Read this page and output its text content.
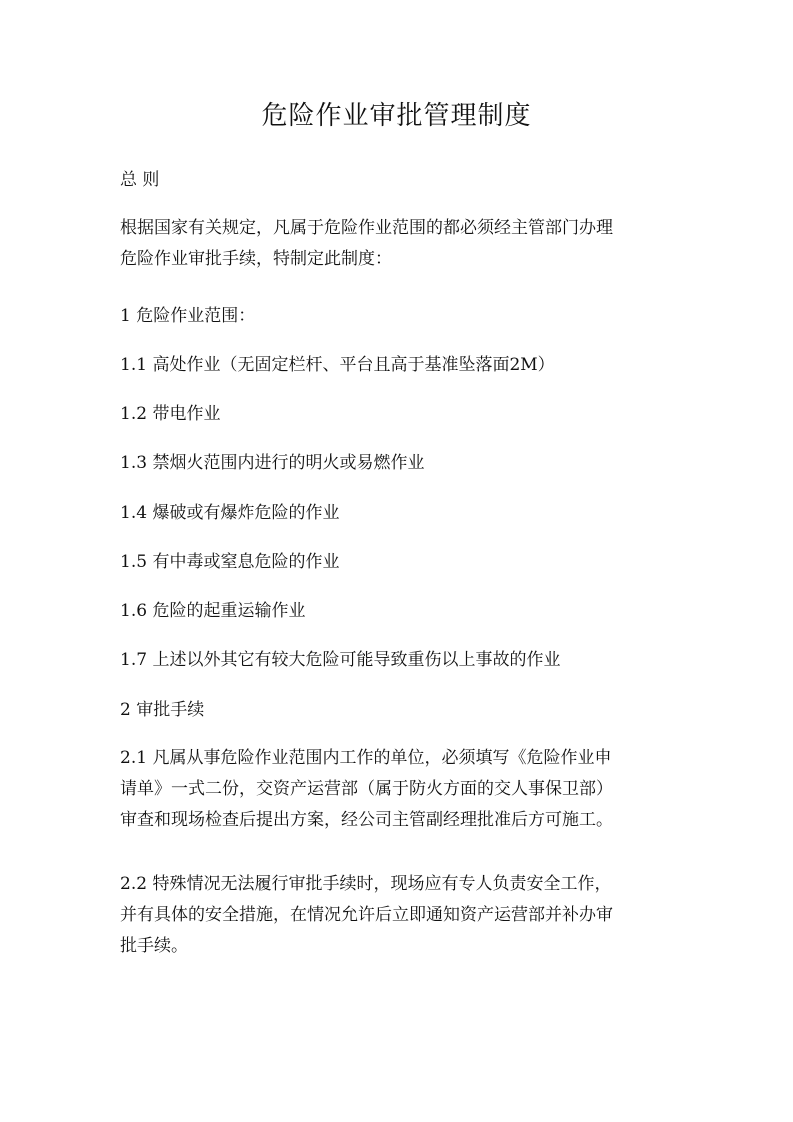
危险作业审批管理制度

总 则

根据国家有关规定，凡属于危险作业范围的都必须经主管部门办理
危险作业审批手续，特制定此制度：

1 危险作业范围：

1.1 高处作业（无固定栏杆、平台且高于基准坠落面2M）

1.2 带电作业

1.3 禁烟火范围内进行的明火或易燃作业

1.4 爆破或有爆炸危险的作业

1.5 有中毒或窒息危险的作业

1.6 危险的起重运输作业

1.7 上述以外其它有较大危险可能导致重伤以上事故的作业

2 审批手续

2.1 凡属从事危险作业范围内工作的单位，必须填写《危险作业申
请单》一式二份，交资产运营部（属于防火方面的交人事保卫部）
审查和现场检查后提出方案，经公司主管副经理批准后方可施工。
2.2 特殊情况无法履行审批手续时，现场应有专人负责安全工作，
并有具体的安全措施，在情况允许后立即通知资产运营部并补办审
批手续。
